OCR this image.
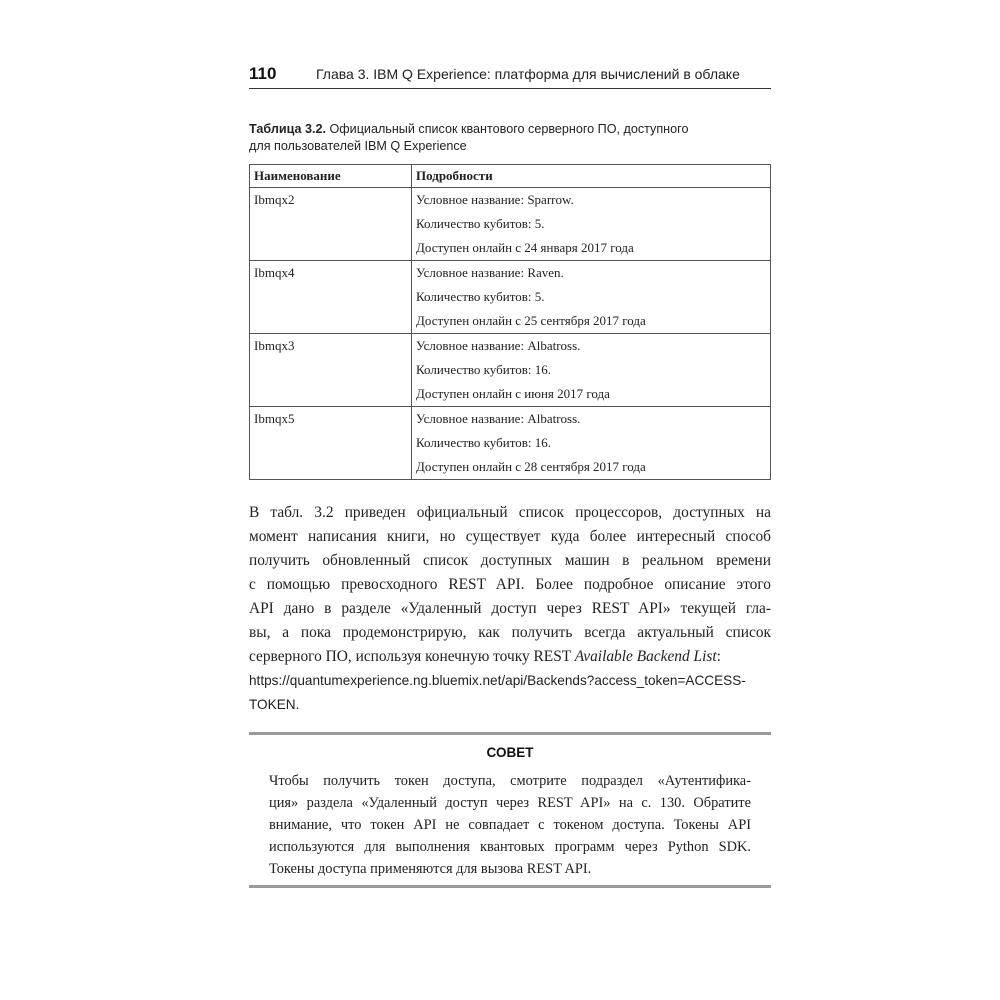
110	Глава 3. IBM Q Experience: платформа для вычислений в облаке
Таблица 3.2. Официальный список квантового серверного ПО, доступного
для пользователей IBM Q Experience
Наименование	Подробности
Ibmqx2	Условное название: Sparrow.
Количество кубитов: 5.
Доступен онлайн с 24 января 2017 года

Ibmqx4	Условное название: Raven.
Количество кубитов: 5.
Доступен онлайн с 25 сентября 2017 года

Ibmqx3	Условное название: Albatross.
Количество кубитов: 16.
Доступен онлайн с июня 2017 года

Ibmqx5	Условное название: Albatross.
Количество кубитов: 16.
Доступен онлайн с 28 сентября 2017 года
В табл. 3.2 приведен официальный список процессоров, доступных на
момент написания книги, но существует куда более интересный способ
получить обновленный список доступных машин в реальном времени
с помощью превосходного REST API. Более подробное описание этого
API дано в разделе «Удаленный доступ через REST API» текущей гла-
вы, а пока продемонстрирую, как получить всегда актуальный список
серверного ПО, используя конечную точку REST Available Backend List:
https://quantumexperience.ng.bluemix.net/api/Backends?access_token=ACCESS-
TOKEN.
СОВЕТ
Чтобы получить токен доступа, смотрите подраздел «Аутентифика-
ция» раздела «Удаленный доступ через REST API» на с. 130. Обратите
внимание, что токен API не совпадает с токеном доступа. Токены API
используются для выполнения квантовых программ через Python SDK.
Токены доступа применяются для вызова REST API.
